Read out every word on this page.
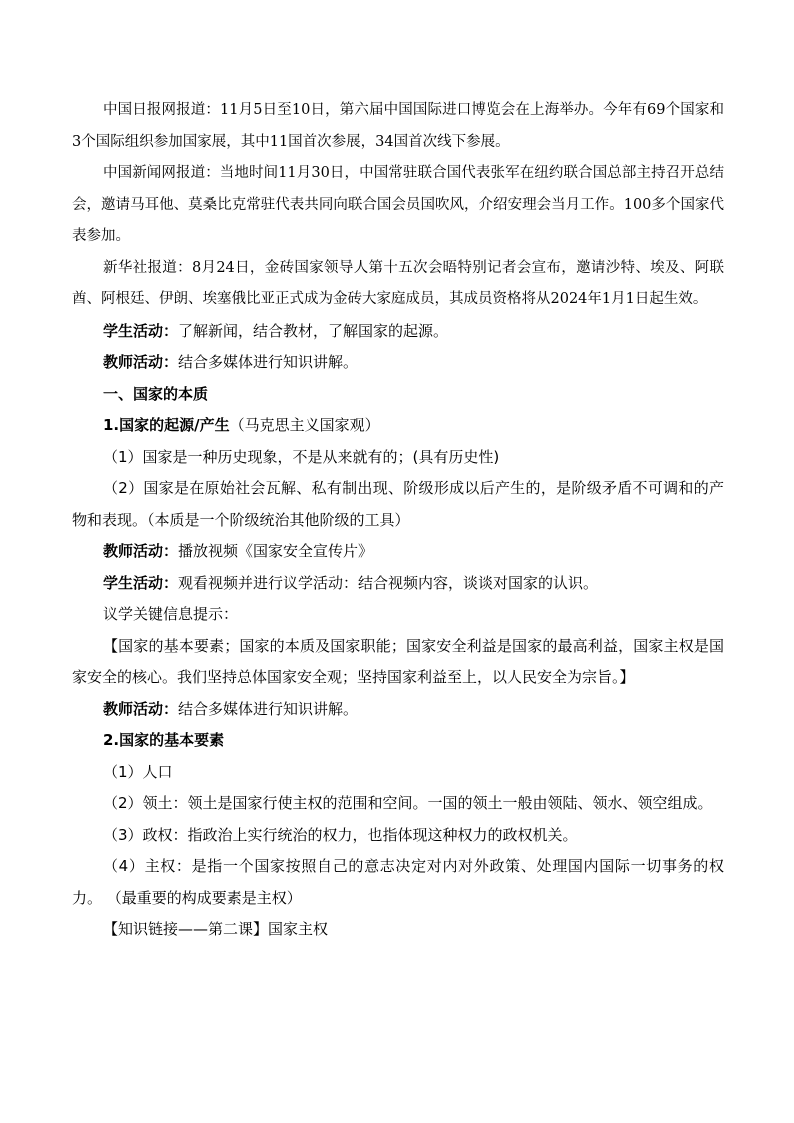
中国日报网报道：11月5日至10日，第六届中国国际进口博览会在上海举办。今年有69个国家和3个国际组织参加国家展，其中11国首次参展，34国首次线下参展。

中国新闻网报道：当地时间11月30日，中国常驻联合国代表张军在纽约联合国总部主持召开总结会，邀请马耳他、莫桑比克常驻代表共同向联合国会员国吹风，介绍安理会当月工作。100多个国家代表参加。

新华社报道：8月24日，金砖国家领导人第十五次会晤特别记者会宣布，邀请沙特、埃及、阿联酋、阿根廷、伊朗、埃塞俄比亚正式成为金砖大家庭成员，其成员资格将从2024年1月1日起生效。

学生活动：了解新闻，结合教材，了解国家的起源。

教师活动：结合多媒体进行知识讲解。

一、国家的本质

1.国家的起源/产生（马克思主义国家观）

（1）国家是一种历史现象，不是从来就有的；(具有历史性)

（2）国家是在原始社会瓦解、私有制出现、阶级形成以后产生的，是阶级矛盾不可调和的产物和表现。（本质是一个阶级统治其他阶级的工具）

教师活动：播放视频《国家安全宣传片》

学生活动：观看视频并进行议学活动：结合视频内容，谈谈对国家的认识。

议学关键信息提示：

【国家的基本要素；国家的本质及国家职能；国家安全利益是国家的最高利益，国家主权是国家安全的核心。我们坚持总体国家安全观；坚持国家利益至上，以人民安全为宗旨。】

教师活动：结合多媒体进行知识讲解。

2.国家的基本要素

（1）人口

（2）领土：领土是国家行使主权的范围和空间。一国的领土一般由领陆、领水、领空组成。

（3）政权：指政治上实行统治的权力，也指体现这种权力的政权机关。

（4）主权：是指一个国家按照自己的意志决定对内对外政策、处理国内国际一切事务的权力。 （最重要的构成要素是主权）

【知识链接——第二课】国家主权
